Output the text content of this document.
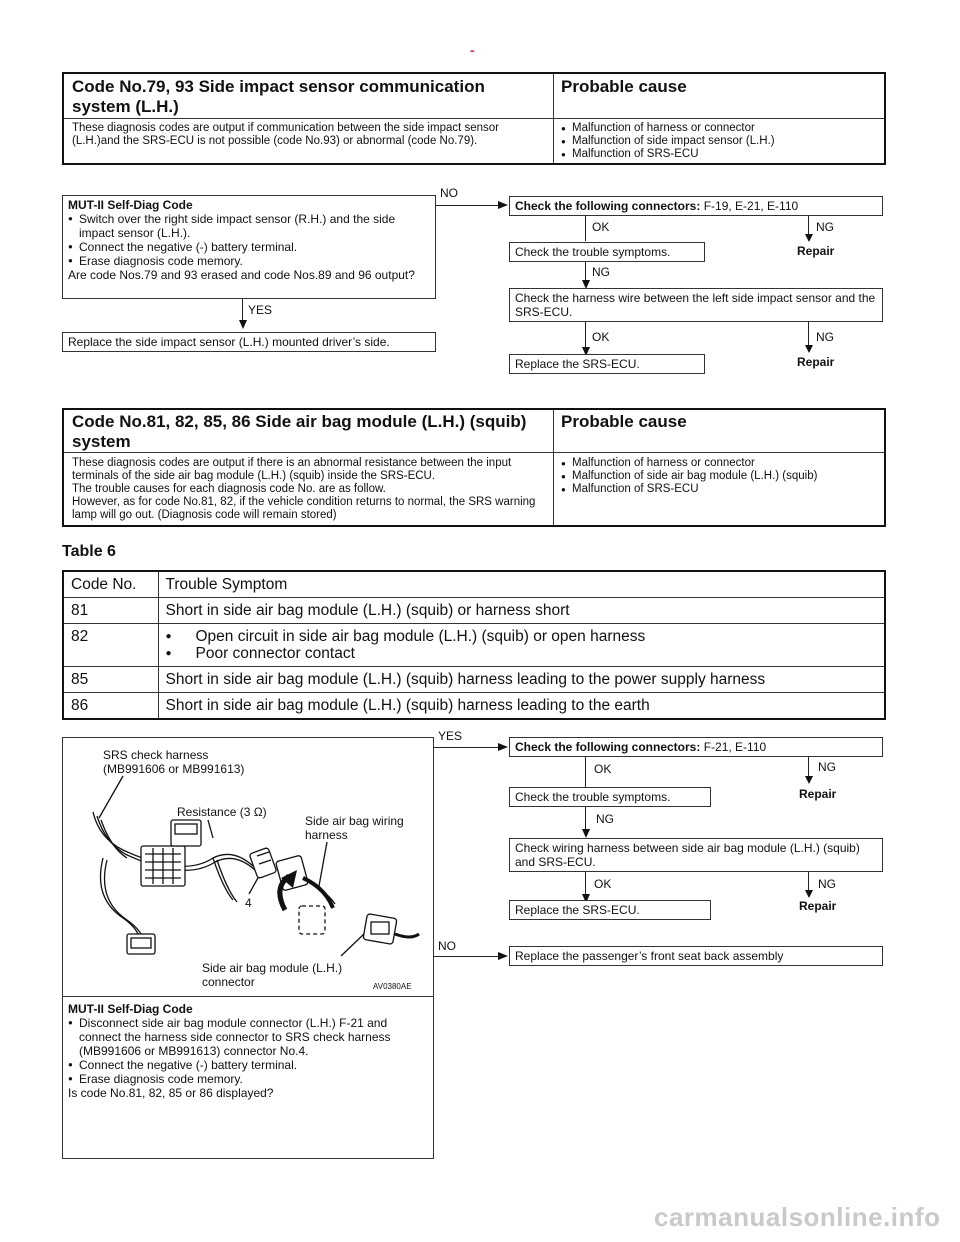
-
Code No.79, 93 Side impact sensor communication system (L.H.)
Probable cause
These diagnosis codes are output if communication between the side impact sensor (L.H.)and the SRS-ECU is not possible (code No.93) or abnormal (code No.79).
● Malfunction of harness or connector
● Malfunction of side impact sensor (L.H.)
● Malfunction of SRS-ECU
MUT-II Self-Diag Code
● Switch over the right side impact sensor (R.H.) and the side impact sensor (L.H.).
● Connect the negative (-) battery terminal.
● Erase diagnosis code memory.
Are code Nos.79 and 93 erased and code Nos.89 and 96 output?
NO
Check the following connectors: F-19, E-21, E-110
OK	NG
Repair
Check the trouble symptoms.
NG
Check the harness wire between the left side impact sensor and the SRS-ECU.
OK	NG
Repair
Replace the SRS-ECU.
YES
Replace the side impact sensor (L.H.) mounted driver’s side.
Code No.81, 82, 85, 86 Side air bag module (L.H.) (squib) system
Probable cause
These diagnosis codes are output if there is an abnormal resistance between the input terminals of the side air bag module (L.H.) (squib) inside the SRS-ECU.
The trouble causes for each diagnosis code No. are as follow.
However, as for code No.81, 82, if the vehicle condition returns to normal, the SRS warning lamp will go out. (Diagnosis code will remain stored)
● Malfunction of harness or connector
● Malfunction of side air bag module (L.H.) (squib)
● Malfunction of SRS-ECU
Table 6
Code No.	Trouble Symptom
81	Short in side air bag module (L.H.) (squib) or harness short
82	● Open circuit in side air bag module (L.H.) (squib) or open harness
● Poor connector contact

85	Short in side air bag module (L.H.) (squib) harness leading to the power supply harness
86	Short in side air bag module (L.H.) (squib) harness leading to the earth
SRS check harness (MB991606 or MB991613)
Resistance (3 Ω)
Side air bag wiring harness
4
Side air bag module (L.H.) connector	AV0380AE
MUT-II Self-Diag Code
● Disconnect side air bag module connector (L.H.) F-21 and connect the harness side connector to SRS check harness (MB991606 or MB991613) connector No.4.
● Connect the negative (-) battery terminal.
● Erase diagnosis code memory.
Is code No.81, 82, 85 or 86 displayed?
YES
Check the following connectors: F-21, E-110
OK	NG
Repair
Check the trouble symptoms.
NG
Check wiring harness between side air bag module (L.H.) (squib) and SRS-ECU.
OK	NG
Repair
Replace the SRS-ECU.
NO
Replace the passenger’s front seat back assembly
carmanualsonline.info
